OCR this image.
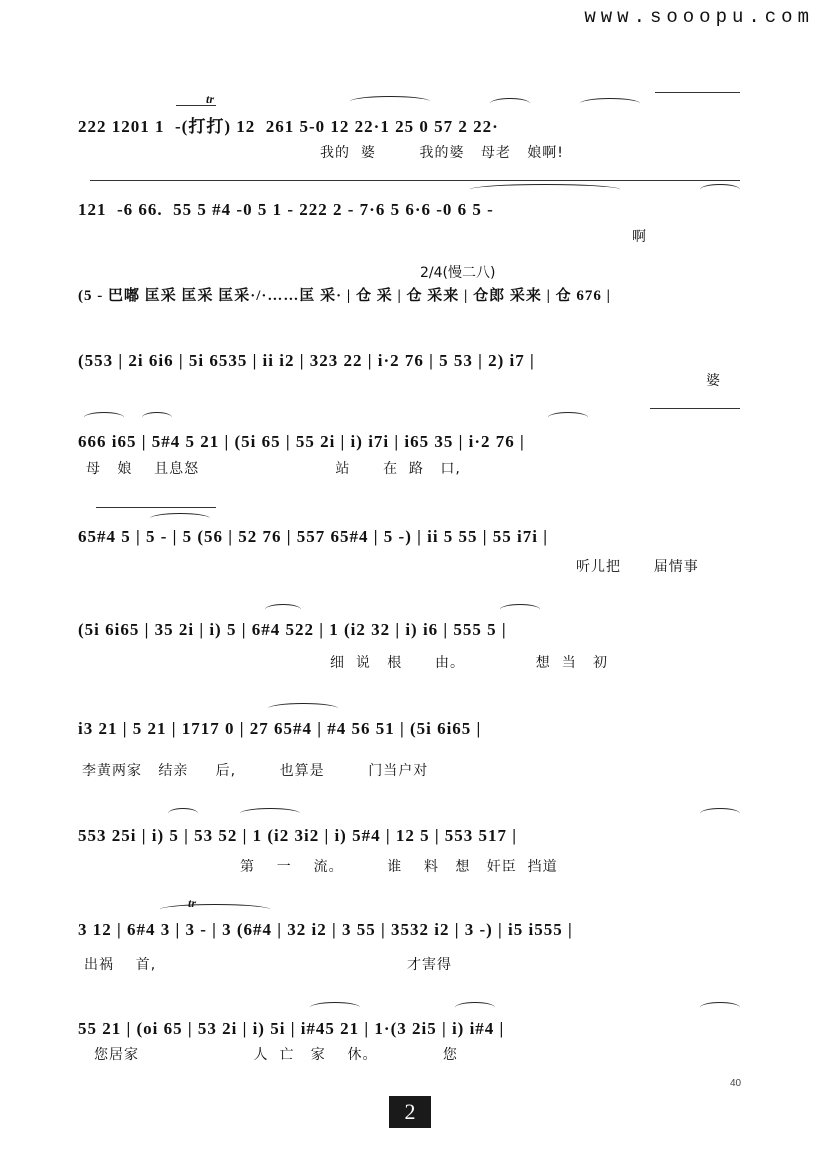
www.sooopu.com
tr
222 1201 1  -(打打) 12  261 5-0 12 22·1 25 0 57 2 22·
我的  婆        我的婆   母老   娘啊!
121  -6 66.  55 5 #4 -0 5 1 - 222 2 - 7·6 5 6·6 -0 6 5 -
啊
2/4(慢二八)
(5 - 巴嘟 匡采 匡采 匡采·/·……匡 采· | 仓 采 | 仓 采来 | 仓郎 采来 | 仓 676 |
(553 | 2i 6i6 | 5i 6535 | ii i2 | 323 22 | i·2 76 | 5 53 | 2) i7 |
婆
666 i65 | 5#4 5 21 | (5i 65 | 55 2i | i) i7i | i65 35 | i·2 76 |
母   娘    且息怒                         站      在  路   口,
65#4 5 | 5 - | 5 (56 | 52 76 | 557 65#4 | 5 -) | ii 5 55 | 55 i7i |
听儿把      届情事
(5i 6i65 | 35 2i | i) 5 | 6#4 522 | 1 (i2 32 | i) i6 | 555 5 |
细  说   根      由。             想  当   初
i3 21 | 5 21 | 1717 0 | 27 65#4 | #4 56 51 | (5i 6i65 |
李黄两家   结亲     后,        也算是        门当户对
553 25i | i) 5 | 53 52 | 1 (i2 3i2 | i) 5#4 | 12 5 | 553 517 |
第    一    流。        谁    料   想   奸臣  挡道
tr
3 12 | 6#4 3 | 3 - | 3 (6#4 | 32 i2 | 3 55 | 3532 i2 | 3 -) | i5 i555 |
出祸    首,                                              才害得
55 21 | (oi 65 | 53 2i | i) 5i | i#45 21 | 1·(3 2i5 | i) i#4 |
您居家                     人  亡   家    休。            您
40
2
